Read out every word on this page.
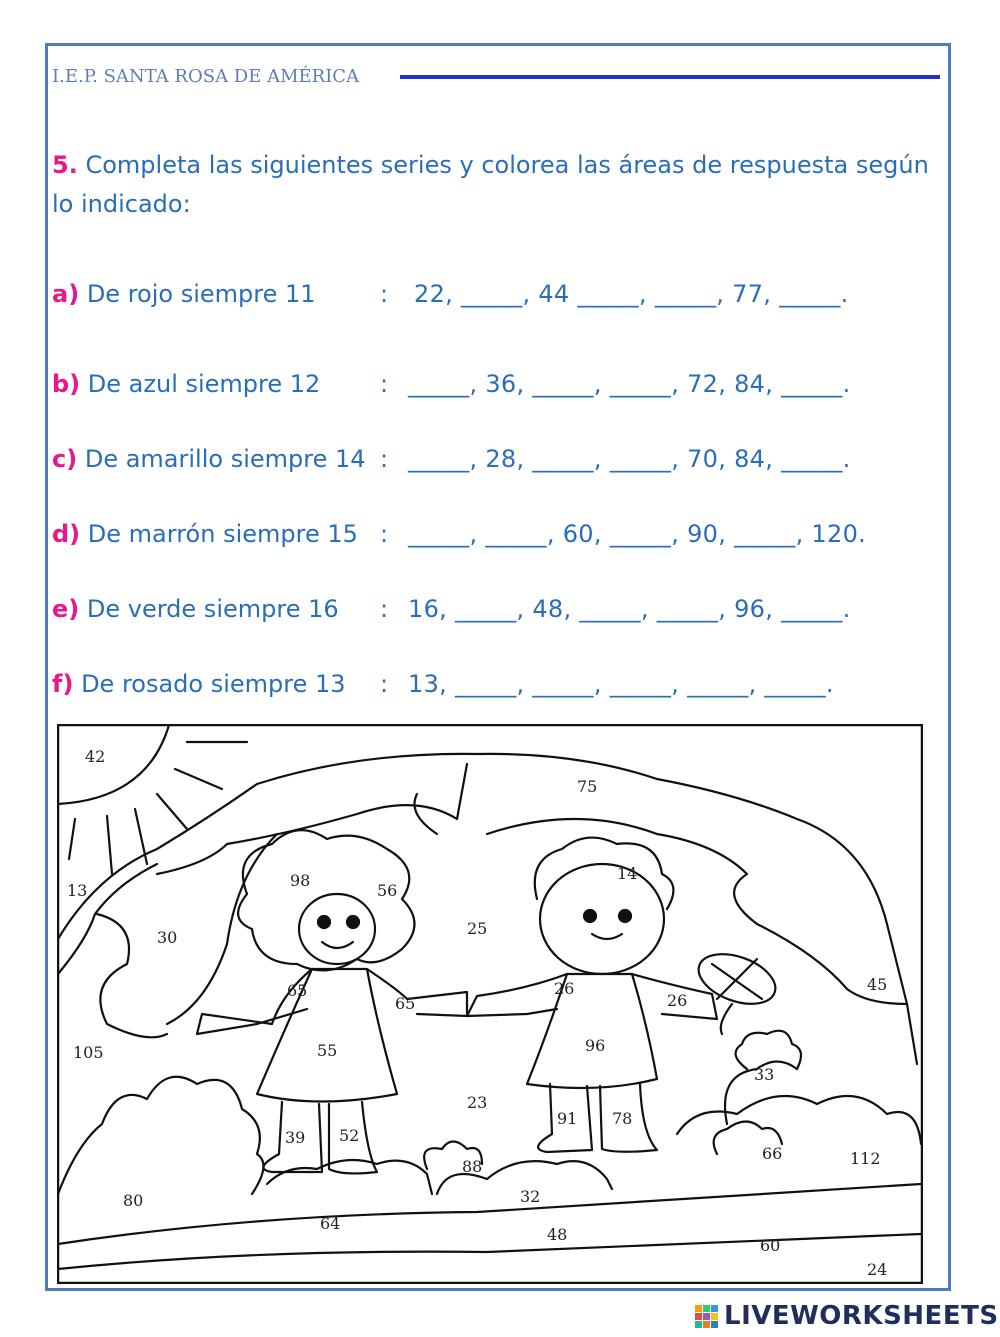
I.E.P. SANTA ROSA DE AMÉRICA
5. Completa las siguientes series y colorea las áreas de respuesta según lo indicado:
a) De rojo siempre 11	: 22, _____, 44 _____, _____, 77, _____.
b) De azul siempre 12 : _____, 36, _____, _____, 72, 84, _____.
c) De amarillo siempre 14 : _____, 28, _____, _____, 70, 84, _____.
d) De marrón siempre 15 : _____, _____, 60, _____, 90, _____, 120.
e) De verde siempre 16 : 16, _____, 48, _____, _____, 96, _____.
f) De rosado siempre 13 : 13, _____, _____, _____, _____, _____.
42
75
13
98
56
14
30	25
45
65
65
26
26
105	55	96
33
23
91 78
39 52
88
66	112
80	32
64
48
60
24
LIVEWORKSHEETS
